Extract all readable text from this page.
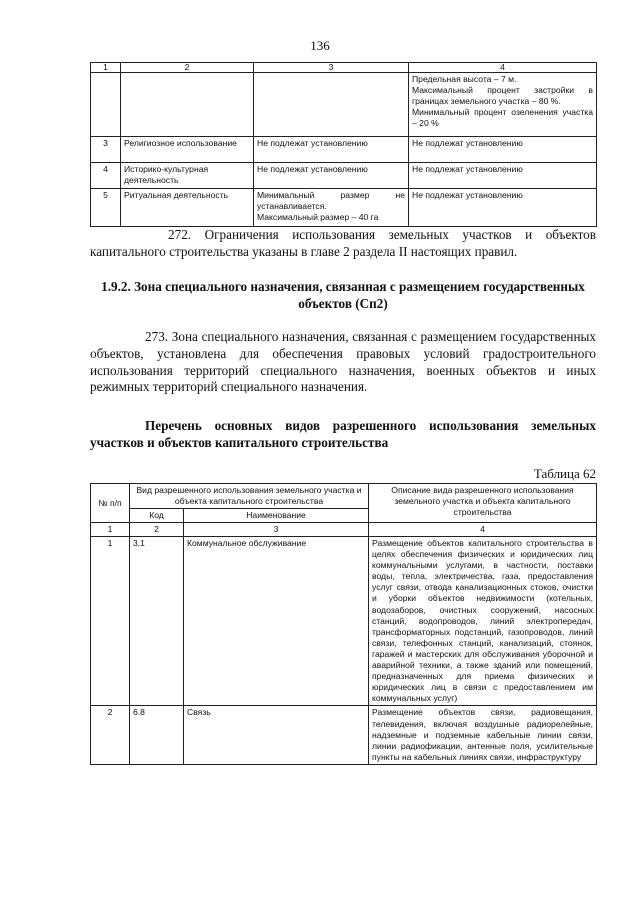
136
1	2	3	4
			Предельная высота – 7 м.
Максимальный процент застройки в границах земельного участка – 80 %.
Минимальный процент озеленения участка – 20 %
3	Религиозное использование	Не подлежат установлению	Не подлежат установлению
4	Историко-культурная деятельность	Не подлежат установлению	Не подлежат установлению
5	Ритуальная деятельность	Минимальный размер не устанавливается.
Максимальный размер – 40 га	Не подлежат установлению
272. Ограничения использования земельных участков и объектов капитального строительства указаны в главе 2 раздела II настоящих правил.
1.9.2. Зона специального назначения, связанная с размещением государственных объектов (Сп2)
273. Зона специального назначения, связанная с размещением государственных объектов, установлена для обеспечения правовых условий градостроительного использования территорий специального назначения, военных объектов и иных режимных территорий специального назначения.
Перечень основных видов разрешенного использования земельных участков и объектов капитального строительства
Таблица 62
№ п/п	Вид разрешенного использования земельного участка и объекта капитального строительства		Описание вида разрешенного использования земельного участка и объекта капитального строительства
	Код	Наименование	
1	2	3	4
1	3.1	Коммунальное обслуживание	Размещение объектов капитального строительства в целях обеспечения физических и юридических лиц коммунальными услугами, в частности, поставки воды, тепла, электричества, газа, предоставления услуг связи, отвода канализационных стоков, очистки и уборки объектов недвижимости (котельных, водозаборов, очистных сооружений, насосных станций, водопроводов, линий электропередач, трансформаторных подстанций, газопроводов, линий связи, телефонных станций, канализаций, стоянок, гаражей и мастерских для обслуживания уборочной и аварийной техники, а также зданий или помещений, предназначенных для приема физических и юридических лиц в связи с предоставлением им коммунальных услуг)
2	6.8	Связь	Размещение объектов связи, радиовещания, телевидения, включая воздушные радиорелейные, надземные и подземные кабельные линии связи, линии радиофикации, антенные поля, усилительные пункты на кабельных линиях связи, инфраструктуру
